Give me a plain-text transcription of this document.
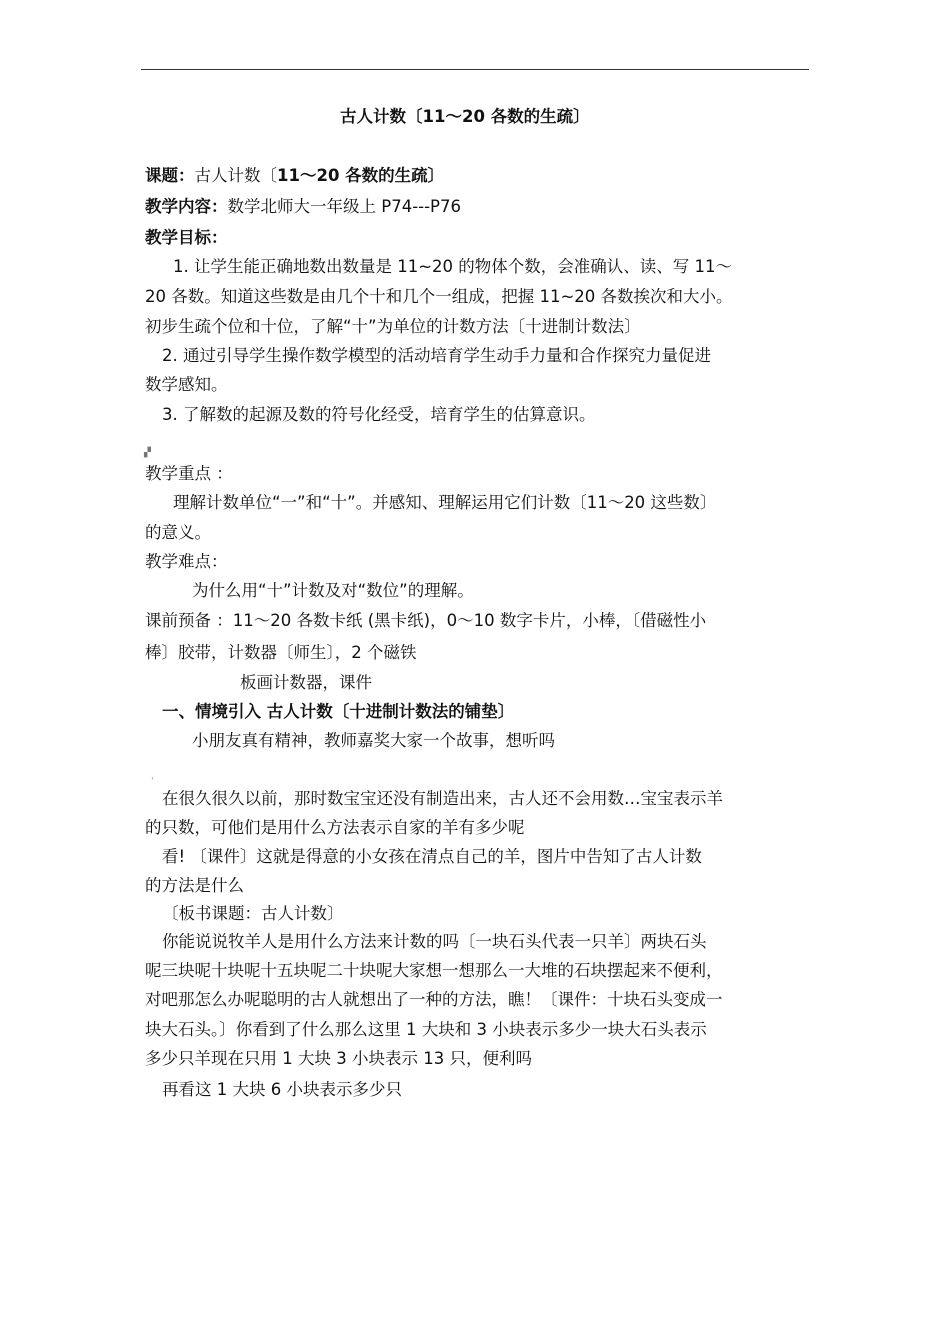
古人计数〔11～20 各数的生疏〕
课题：古人计数〔11～20 各数的生疏〕
教学内容：数学北师大一年级上 P74---P76
教学目标：
1. 让学生能正确地数出数量是 11~20 的物体个数，会准确认、读、写 11～
20 各数。知道这些数是由几个十和几个一组成，把握 11~20 各数挨次和大小。
初步生疏个位和十位，了解“十”为单位的计数方法〔十进制计数法〕
2. 通过引导学生操作数学模型的活动培育学生动手力量和合作探究力量促进
数学感知。
3. 了解数的起源及数的符号化经受，培育学生的估算意识。
▞
教学重点 ：
理解计数单位“一”和“十”。并感知、理解运用它们计数〔11～20 这些数〕
的意义。
教学难点：
为什么用“十”计数及对“数位”的理解。
课前预备 ：11～20 各数卡纸 (黑卡纸)，0～10 数字卡片，小棒，〔借磁性小
棒〕胶带，计数器〔师生〕，2 个磁铁
板画计数器，课件
一、情境引入 古人计数〔十进制计数法的铺垫〕
小朋友真有精神，教师嘉奖大家一个故事，想听吗
ˈ
在很久很久以前，那时数宝宝还没有制造出来，古人还不会用数…宝宝表示羊
的只数，可他们是用什么方法表示自家的羊有多少呢
看! 〔课件〕这就是得意的小女孩在清点自己的羊，图片中告知了古人计数
的方法是什么
〔板书课题：古人计数〕
你能说说牧羊人是用什么方法来计数的吗〔一块石头代表一只羊〕两块石头
呢三块呢十块呢十五块呢二十块呢大家想一想那么一大堆的石块摆起来不便利，
对吧那怎么办呢聪明的古人就想出了一种的方法，瞧！〔课件：十块石头变成一
块大石头。〕你看到了什么那么这里 1 大块和 3 小块表示多少一块大石头表示
多少只羊现在只用 1 大块 3 小块表示 13 只，便利吗
再看这 1 大块 6 小块表示多少只
